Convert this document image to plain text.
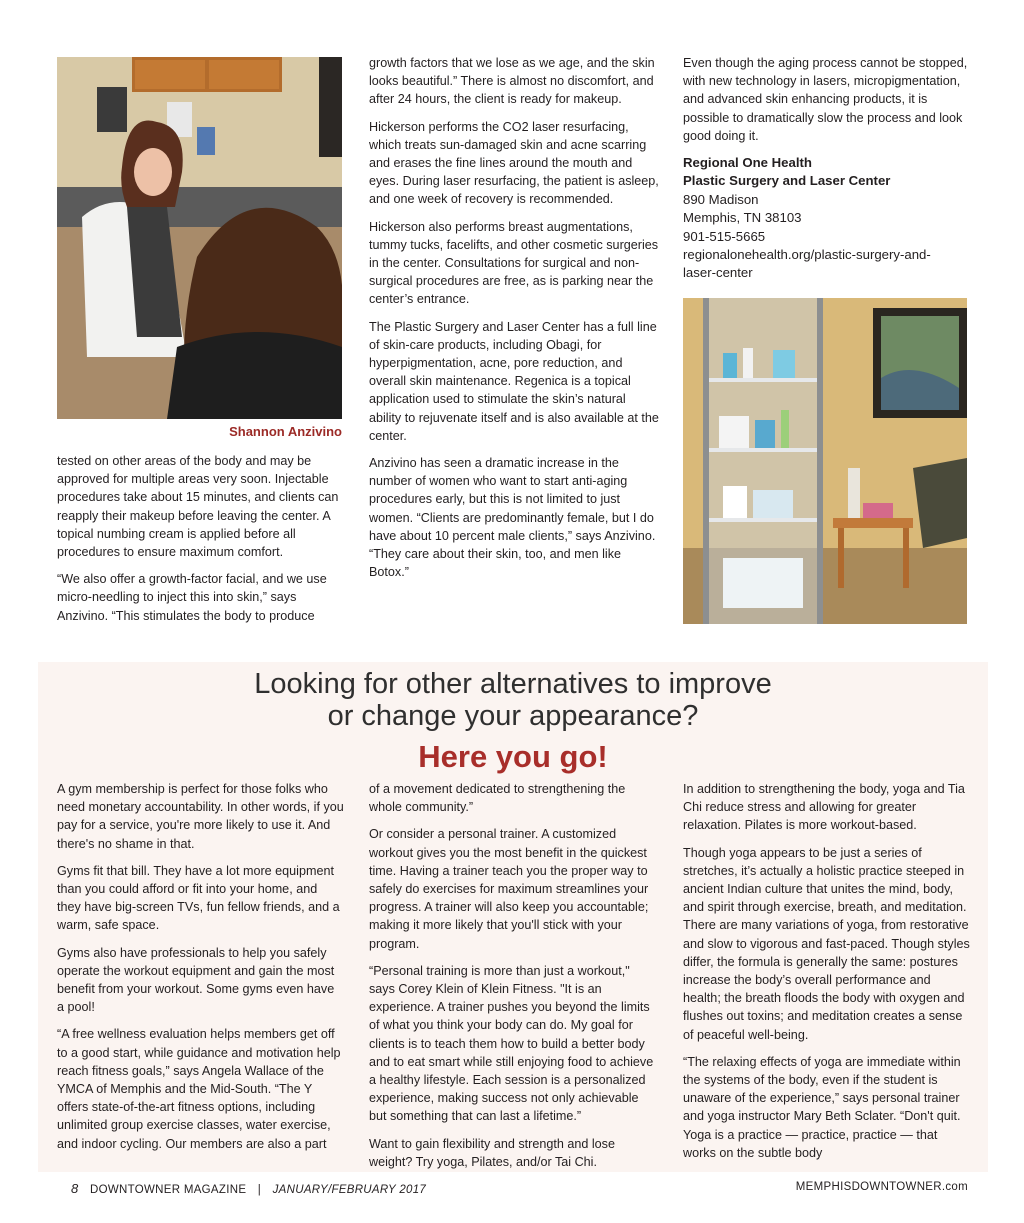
Shannon Anzivino

tested on other areas of the body and may be approved for multiple areas very soon. Injectable procedures take about 15 minutes, and clients can reapply their makeup before leaving the center. A topical numbing cream is applied before all procedures to ensure maximum comfort.

“We also offer a growth-factor facial, and we use micro-needling to inject this into skin,” says Anzivino. “This stimulates the body to produce

growth factors that we lose as we age, and the skin looks beautiful.” There is almost no discomfort, and after 24 hours, the client is ready for makeup.

Hickerson performs the CO2 laser resurfacing, which treats sun-damaged skin and acne scarring and erases the fine lines around the mouth and eyes. During laser resurfacing, the patient is asleep, and one week of recovery is recommended.

Hickerson also performs breast augmentations, tummy tucks, facelifts, and other cosmetic surgeries in the center. Consultations for surgical and non-surgical procedures are free, as is parking near the center’s entrance.

The Plastic Surgery and Laser Center has a full line of skin-care products, including Obagi, for hyperpigmentation, acne, pore reduction, and overall skin maintenance. Regenica is a topical application used to stimulate the skin’s natural ability to rejuvenate itself and is also available at the center.

Anzivino has seen a dramatic increase in the number of women who want to start anti-aging procedures early, but this is not limited to just women. “Clients are predominantly female, but I do have about 10 percent male clients,” says Anzivino. “They care about their skin, too, and men like Botox.”

Even though the aging process cannot be stopped, with new technology in lasers, micropigmentation, and advanced skin enhancing products, it is possible to dramatically slow the process and look good doing it.

Regional One Health
Plastic Surgery and Laser Center
890 Madison
Memphis, TN 38103
901-515-5665
regionalonehealth.org/plastic-surgery-and-
laser-center
Looking for other alternatives to improve
or change your appearance?
Here you go!

A gym membership is perfect for those folks who need monetary accountability. In other words, if you pay for a service, you're more likely to use it. And there's no shame in that.

Gyms fit that bill. They have a lot more equipment than you could afford or fit into your home, and they have big-screen TVs, fun fellow friends, and a warm, safe space.

Gyms also have professionals to help you safely operate the workout equipment and gain the most benefit from your workout. Some gyms even have a pool!

“A free wellness evaluation helps members get off to a good start, while guidance and motivation help reach fitness goals,” says Angela Wallace of the YMCA of Memphis and the Mid-South. “The Y offers state-of-the-art fitness options, including unlimited group exercise classes, water exercise, and indoor cycling. Our members are also a part

of a movement dedicated to strengthening the whole community.”

Or consider a personal trainer. A customized workout gives you the most benefit in the quickest time. Having a trainer teach you the proper way to safely do exercises for maximum streamlines your progress. A trainer will also keep you accountable; making it more likely that you'll stick with your program.

“Personal training is more than just a workout," says Corey Klein of Klein Fitness. "It is an experience. A trainer pushes you beyond the limits of what you think your body can do. My goal for clients is to teach them how to build a better body and to eat smart while still enjoying food to achieve a healthy lifestyle. Each session is a personalized experience, making success not only achievable but something that can last a lifetime.”

Want to gain flexibility and strength and lose weight? Try yoga, Pilates, and/or Tai Chi.

In addition to strengthening the body, yoga and Tia Chi reduce stress and allowing for greater relaxation. Pilates is more workout-based.

Though yoga appears to be just a series of stretches, it’s actually a holistic practice steeped in ancient Indian culture that unites the mind, body, and spirit through exercise, breath, and meditation. There are many variations of yoga, from restorative and slow to vigorous and fast-paced. Though styles differ, the formula is generally the same: postures increase the body’s overall performance and health; the breath floods the body with oxygen and flushes out toxins; and meditation creates a sense of peaceful well-being.

“The relaxing effects of yoga are immediate within the systems of the body, even if the student is unaware of the experience,” says personal trainer and yoga instructor Mary Beth Sclater. “Don't quit. Yoga is a practice — practice, practice — that works on the subtle body

8 DOWNTOWNER MAGAZINE | JANUARY/FEBRUARY 2017	MEMPHISDOWNTOWNER.com
